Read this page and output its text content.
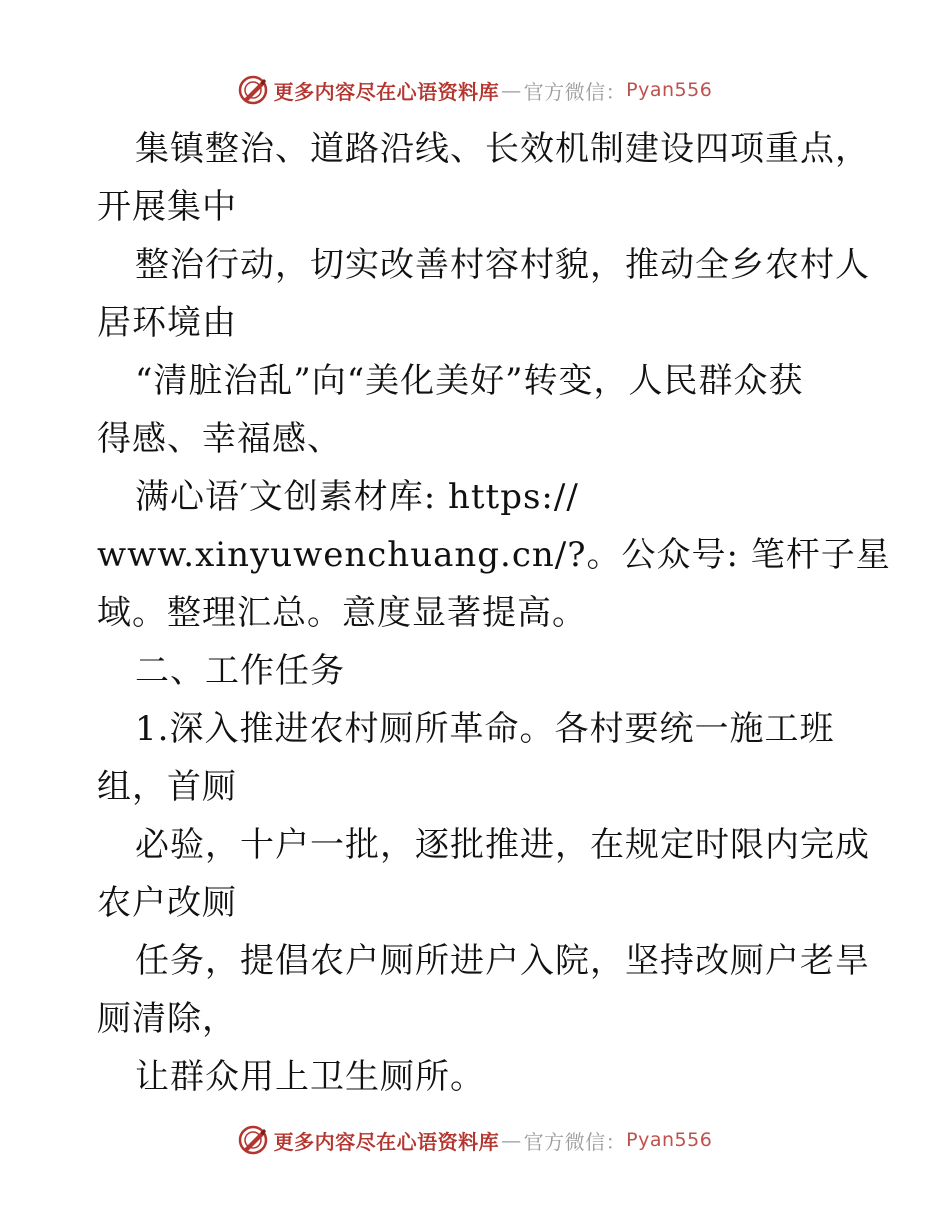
更多内容尽在心语资料库 — 官方微信： Pyan556
集镇整治、道路沿线、长效机制建设四项重点，
开展集中
整治行动，切实改善村容村貌，推动全乡农村人
居环境由
“清脏治乱”向“美化美好”转变，人民群众获
得感、幸福感、
满心语′文创素材库: https://
www.xinyuwenchuang.cn/?。公众号: 笔杆子星
域。整理汇总。意度显著提高。
二、工作任务
1.深入推进农村厕所革命。各村要统一施工班
组，首厕
必验，十户一批，逐批推进，在规定时限内完成
农户改厕
任务，提倡农户厕所进户入院，坚持改厕户老旱
厕清除，
让群众用上卫生厕所。
更多内容尽在心语资料库 — 官方微信： Pyan556
